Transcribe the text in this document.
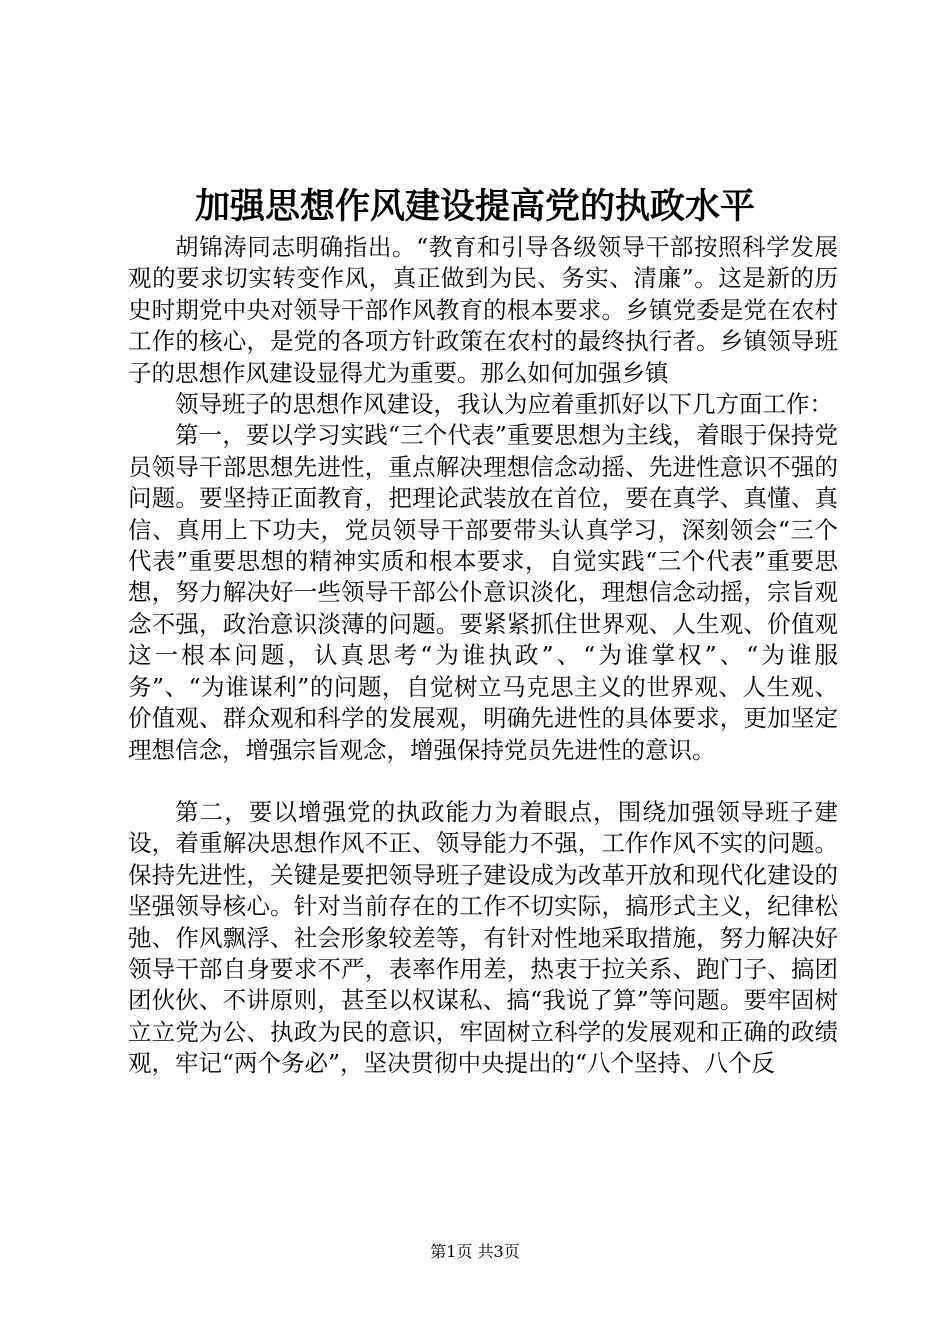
加强思想作风建设提高党的执政水平

胡锦涛同志明确指出。“教育和引导各级领导干部按照科学发展观的要求切实转变作风，真正做到为民、务实、清廉”。这是新的历史时期党中央对领导干部作风教育的根本要求。乡镇党委是党在农村工作的核心，是党的各项方针政策在农村的最终执行者。乡镇领导班子的思想作风建设显得尤为重要。那么如何加强乡镇

领导班子的思想作风建设，我认为应着重抓好以下几方面工作：

第一，要以学习实践“三个代表”重要思想为主线，着眼于保持党员领导干部思想先进性，重点解决理想信念动摇、先进性意识不强的问题。要坚持正面教育，把理论武装放在首位，要在真学、真懂、真信、真用上下功夫，党员领导干部要带头认真学习，深刻领会“三个代表”重要思想的精神实质和根本要求，自觉实践“三个代表”重要思想，努力解决好一些领导干部公仆意识淡化，理想信念动摇，宗旨观念不强，政治意识淡薄的问题。要紧紧抓住世界观、人生观、价值观这一根本问题，认真思考“为谁执政”、“为谁掌权”、“为谁服务”、“为谁谋利”的问题，自觉树立马克思主义的世界观、人生观、价值观、群众观和科学的发展观，明确先进性的具体要求，更加坚定理想信念，增强宗旨观念，增强保持党员先进性的意识。

第二，要以增强党的执政能力为着眼点，围绕加强领导班子建设，着重解决思想作风不正、领导能力不强，工作作风不实的问题。保持先进性，关键是要把领导班子建设成为改革开放和现代化建设的坚强领导核心。针对当前存在的工作不切实际，搞形式主义，纪律松弛、作风飘浮、社会形象较差等，有针对性地采取措施，努力解决好领导干部自身要求不严，表率作用差，热衷于拉关系、跑门子、搞团团伙伙、不讲原则，甚至以权谋私、搞“我说了算”等问题。要牢固树立立党为公、执政为民的意识，牢固树立科学的发展观和正确的政绩观，牢记“两个务必”，坚决贯彻中央提出的“八个坚持、八个反

第1页 共3页
